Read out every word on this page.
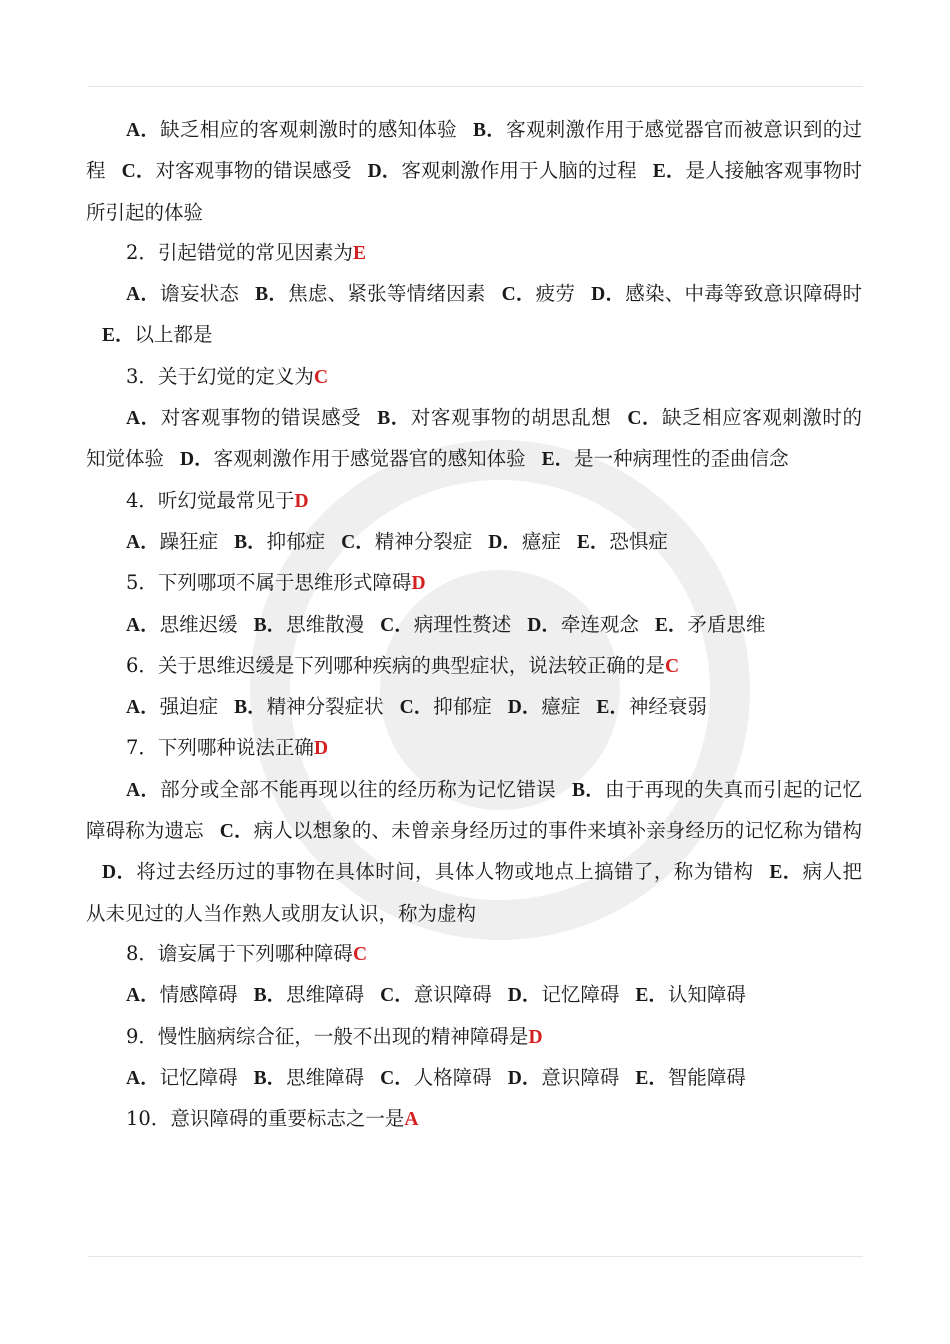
A．缺乏相应的客观刺激时的感知体验 B．客观刺激作用于感觉器官而被意识到的过程 C．对客观事物的错误感受 D．客观刺激作用于人脑的过程 E．是人接触客观事物时所引起的体验

2．引起错觉的常见因素为E

A．谵妄状态 B．焦虑、紧张等情绪因素 C．疲劳 D．感染、中毒等致意识障碍时E．以上都是

3．关于幻觉的定义为C

A．对客观事物的错误感受 B．对客观事物的胡思乱想 C．缺乏相应客观刺激时的知觉体验 D．客观刺激作用于感觉器官的感知体验 E．是一种病理性的歪曲信念

4．听幻觉最常见于D

A．躁狂症 B．抑郁症 C．精神分裂症 D．癔症 E．恐惧症

5．下列哪项不属于思维形式障碍D

A．思维迟缓 B．思维散漫 C．病理性赘述 D．牵连观念 E．矛盾思维

6．关于思维迟缓是下列哪种疾病的典型症状，说法较正确的是C

A．强迫症 B．精神分裂症状 C．抑郁症 D．癔症 E．神经衰弱

7．下列哪种说法正确D

A．部分或全部不能再现以往的经历称为记忆错误 B．由于再现的失真而引起的记忆障碍称为遗忘 C．病人以想象的、未曾亲身经历过的事件来填补亲身经历的记忆称为错构D．将过去经历过的事物在具体时间，具体人物或地点上搞错了，称为错构 E．病人把从未见过的人当作熟人或朋友认识，称为虚构

8．谵妄属于下列哪种障碍C

A．情感障碍 B．思维障碍 C．意识障碍 D．记忆障碍 E．认知障碍

9．慢性脑病综合征，一般不出现的精神障碍是D

A．记忆障碍 B．思维障碍 C．人格障碍 D．意识障碍 E．智能障碍

10．意识障碍的重要标志之一是A
